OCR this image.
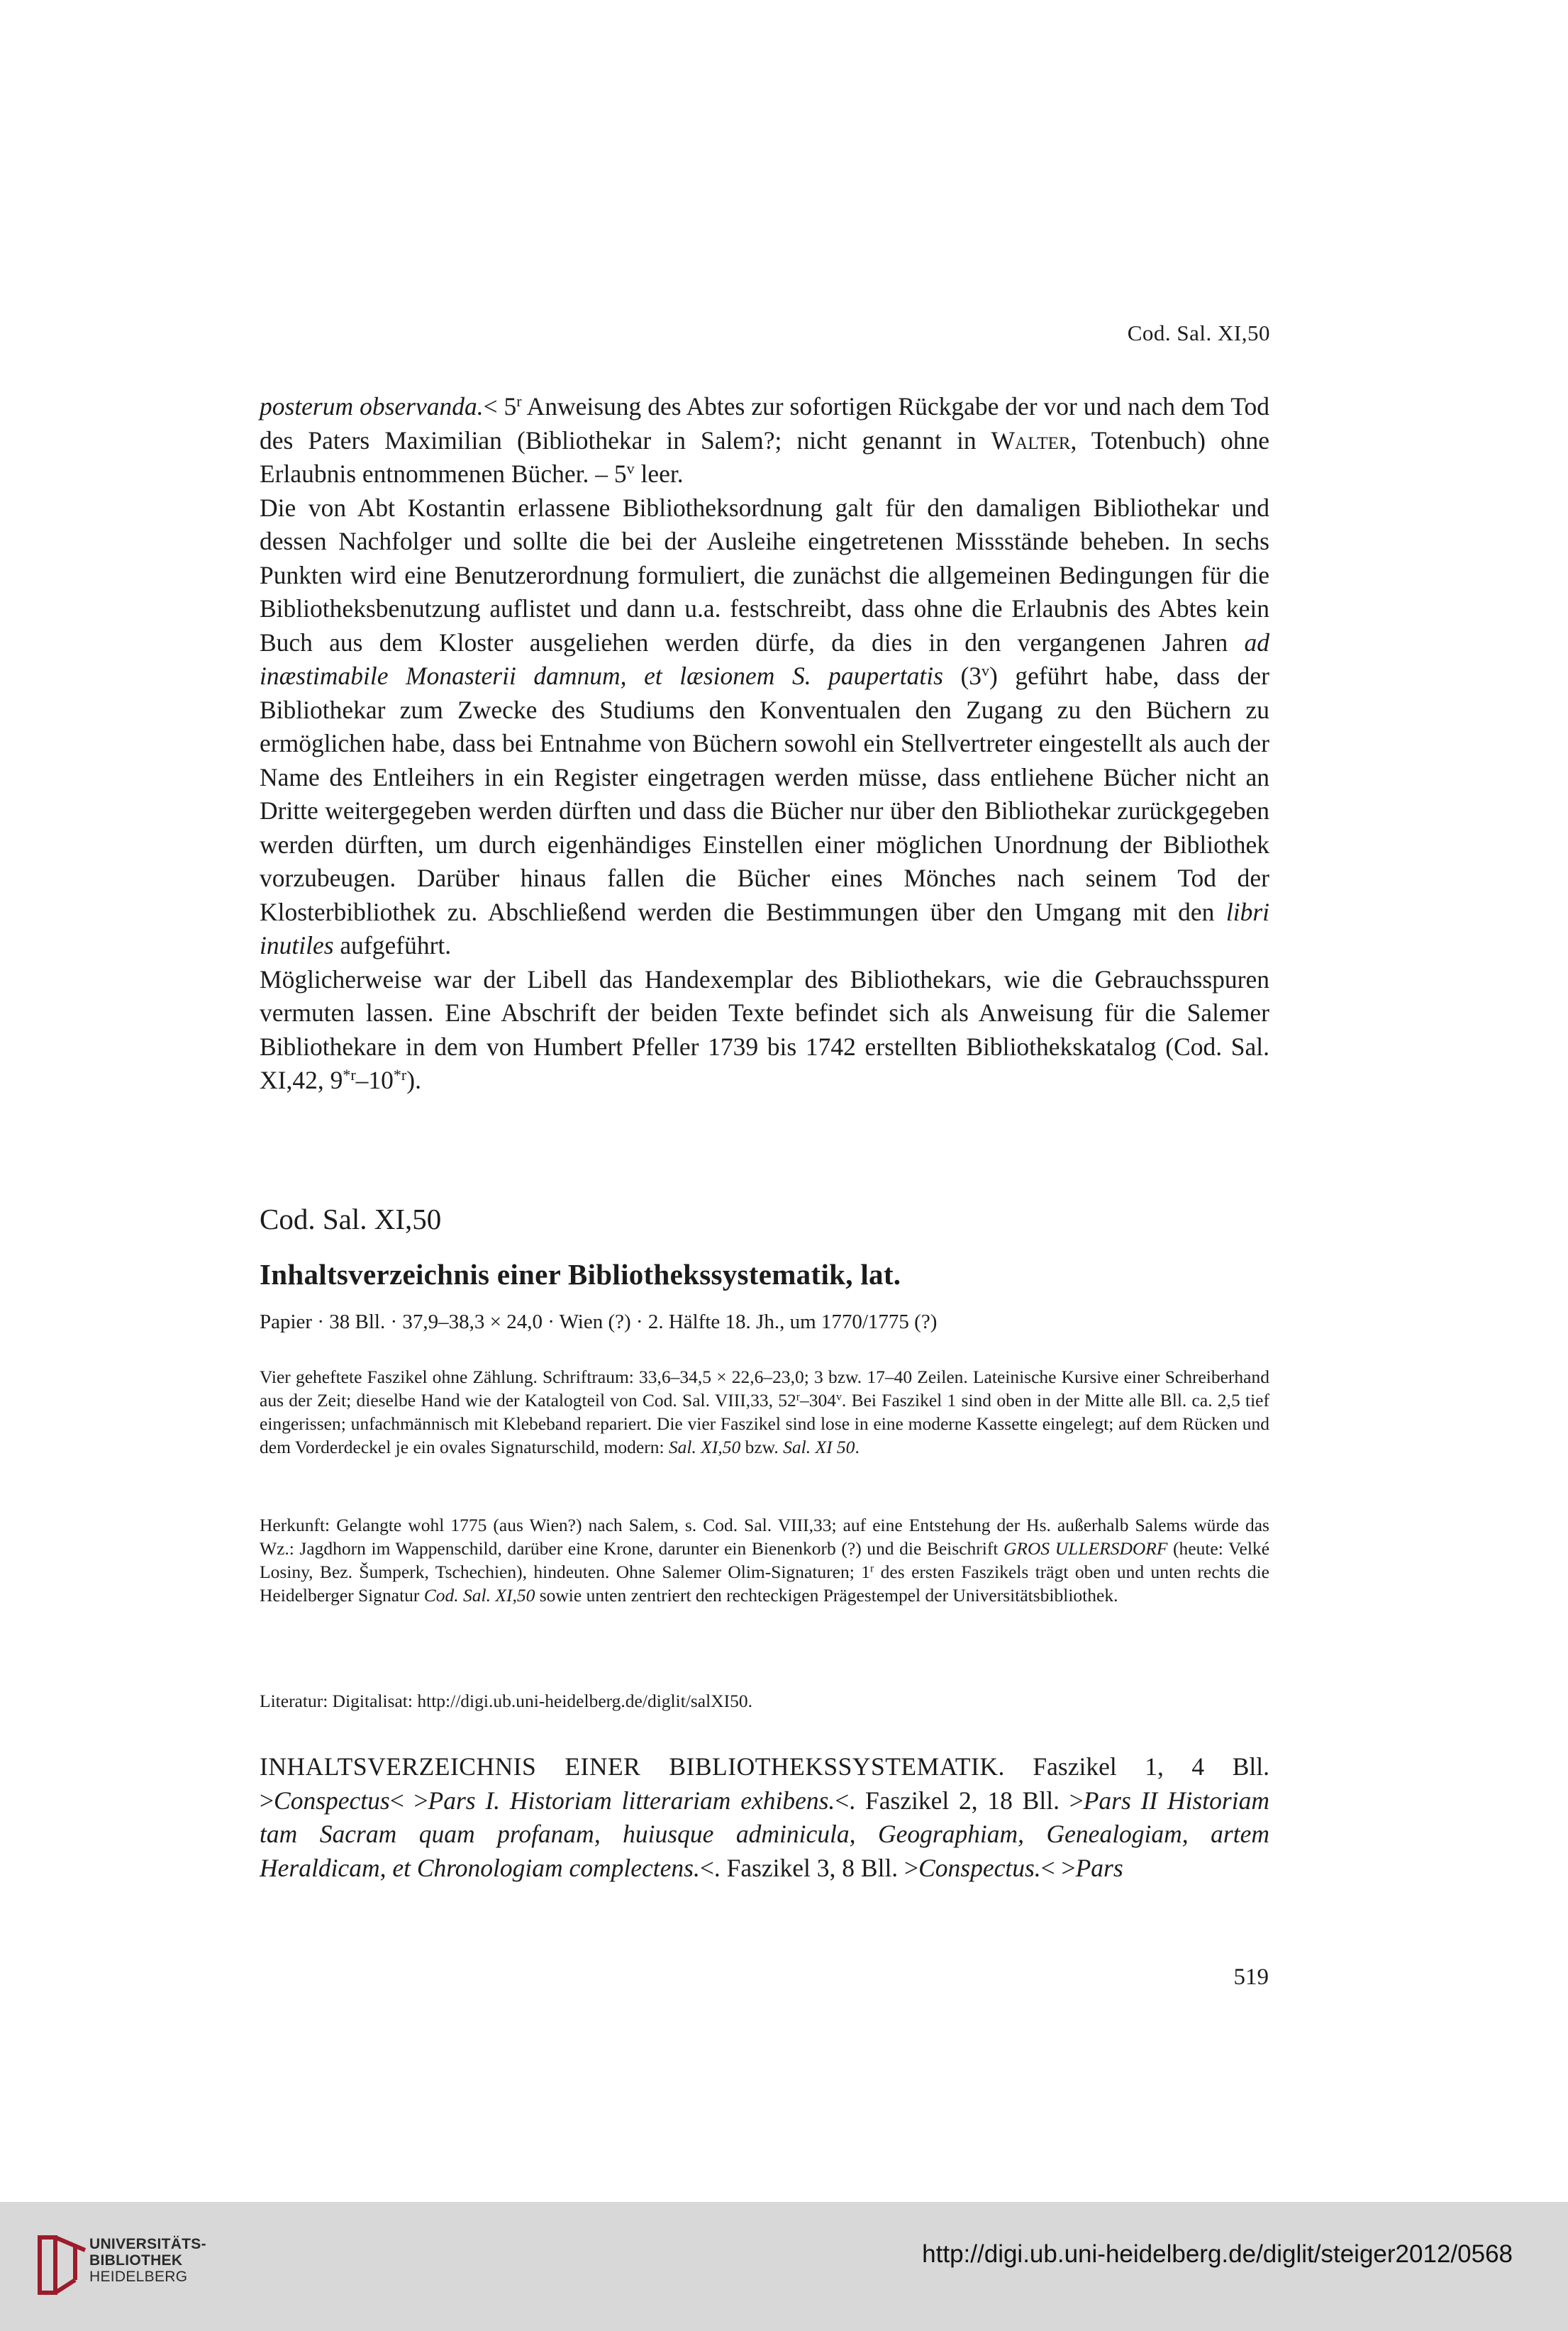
Cod. Sal. XI,50

posterum observanda.< $5^r$ Anweisung des Abtes zur sofortigen Rückgabe der vor und nach dem Tod des Paters Maximilian (Bibliothekar in Salem?; nicht genannt in Walter, Totenbuch) ohne Erlaubnis entnommenen Bücher. – 5$^v$ leer.

Die von Abt Kostantin erlassene Bibliotheksordnung galt für den damaligen Bibliothekar und dessen Nachfolger und sollte die bei der Ausleihe eingetretenen Missstände beheben. In sechs Punkten wird eine Benutzerordnung formuliert, die zunächst die allgemeinen Bedingungen für die Bibliotheksbenutzung auflistet und dann u.a. festschreibt, dass ohne die Erlaubnis des Abtes kein Buch aus dem Kloster ausgeliehen werden dürfe, da dies in den vergangenen Jahren ad inæstimabile Monasterii damnum, et læsionem S. paupertatis (3$^v$) geführt habe, dass der Bibliothekar zum Zwecke des Studiums den Konventualen den Zugang zu den Büchern zu ermöglichen habe, dass bei Entnahme von Büchern sowohl ein Stellvertreter eingestellt als auch der Name des Entleihers in ein Register eingetragen werden müsse, dass entliehene Bücher nicht an Dritte weitergegeben werden dürften und dass die Bücher nur über den Bibliothekar zurückgegeben werden dürften, um durch eigenhändiges Einstellen einer möglichen Unordnung der Bibliothek vorzubeugen. Darüber hinaus fallen die Bücher eines Mönches nach seinem Tod der Klosterbibliothek zu. Abschließend werden die Bestimmungen über den Umgang mit den libri inutiles aufgeführt.

Möglicherweise war der Libell das Handexemplar des Bibliothekars, wie die Gebrauchsspuren vermuten lassen. Eine Abschrift der beiden Texte befindet sich als Anweisung für die Salemer Bibliothekare in dem von Humbert Pfeller 1739 bis 1742 erstellten Bibliothekskatalog (Cod. Sal. XI,42, 9$^{*r}$–10$^{*r}$).

Cod. Sal. XI,50
Inhaltsverzeichnis einer Bibliothekssystematik, lat.
Papier · 38 Bll. · 37,9–38,3 × 24,0 · Wien (?) · 2. Hälfte 18. Jh., um 1770/1775 (?)

Vier geheftete Faszikel ohne Zählung. Schriftraum: 33,6–34,5 × 22,6–23,0; 3 bzw. 17–40 Zeilen. Lateinische Kursive einer Schreiberhand aus der Zeit; dieselbe Hand wie der Katalogteil von Cod. Sal. VIII,33, 52$^r$–304$^v$. Bei Faszikel 1 sind oben in der Mitte alle Bll. ca. 2,5 tief eingerissen; unfachmännisch mit Klebeband repariert. Die vier Faszikel sind lose in eine moderne Kassette eingelegt; auf dem Rücken und dem Vorderdeckel je ein ovales Signaturschild, modern: Sal. XI,50 bzw. Sal. XI 50.

Herkunft: Gelangte wohl 1775 (aus Wien?) nach Salem, s. Cod. Sal. VIII,33; auf eine Entstehung der Hs. außerhalb Salems würde das Wz.: Jagdhorn im Wappenschild, darüber eine Krone, darunter ein Bienenkorb (?) und die Beischrift GROS ULLERSDORF (heute: Velké Losiny, Bez. Šumperk, Tschechien), hindeuten. Ohne Salemer Olim-Signaturen; 1$^r$ des ersten Faszikels trägt oben und unten rechts die Heidelberger Signatur Cod. Sal. XI,50 sowie unten zentriert den rechteckigen Prägestempel der Universitätsbibliothek.

Literatur: Digitalisat: http://digi.ub.uni-heidelberg.de/diglit/salXI50.

INHALTSVERZEICHNIS EINER BIBLIOTHEKSSYSTEMATIK. Faszikel 1, 4 Bll. >Conspectus< >Pars I. Historiam litterariam exhibens.<. Faszikel 2, 18 Bll. >Pars II Historiam tam Sacram quam profanam, huiusque adminicula, Geographiam, Genealogiam, artem Heraldicam, et Chronologiam complectens.<. Faszikel 3, 8 Bll. >Conspectus.< >Pars

519
UNIVERSITÄTS-
BIBLIOTHEK
HEIDELBERG
http://digi.ub.uni-heidelberg.de/diglit/steiger2012/0568
